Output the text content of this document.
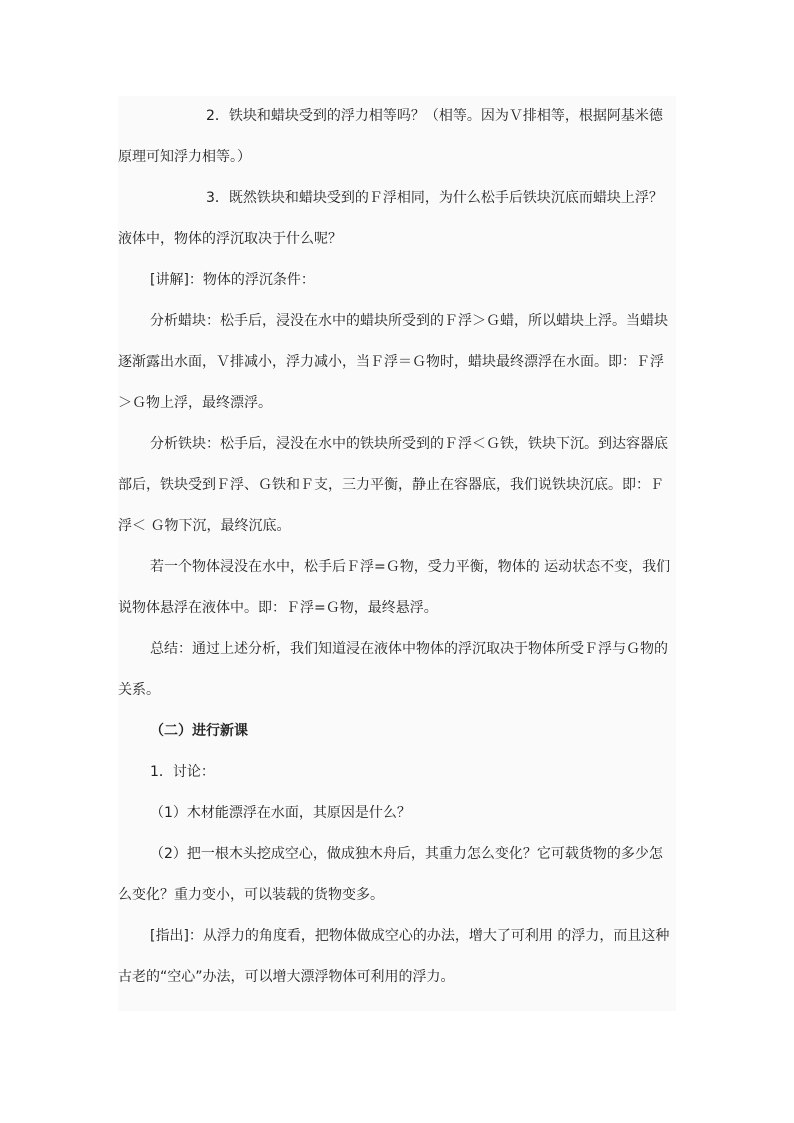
2．铁块和蜡块受到的浮力相等吗？（相等。因为Ｖ排相等，根据阿基米德原理可知浮力相等。）

3．既然铁块和蜡块受到的Ｆ浮相同，为什么松手后铁块沉底而蜡块上浮？液体中，物体的浮沉取决于什么呢？

[讲解]：物体的浮沉条件：

分析蜡块：松手后，浸没在水中的蜡块所受到的Ｆ浮＞Ｇ蜡，所以蜡块上浮。当蜡块逐渐露出水面，Ｖ排减小，浮力减小，当Ｆ浮＝Ｇ物时，蜡块最终漂浮在水面。即：Ｆ浮＞Ｇ物上浮，最终漂浮。

分析铁块：松手后，浸没在水中的铁块所受到的Ｆ浮＜Ｇ铁，铁块下沉。到达容器底部后，铁块受到Ｆ浮、Ｇ铁和Ｆ支，三力平衡，静止在容器底，我们说铁块沉底。即：Ｆ浮＜ Ｇ物下沉，最终沉底。

若一个物体浸没在水中，松手后Ｆ浮=Ｇ物，受力平衡，物体的 运动状态不变，我们说物体悬浮在液体中。即：Ｆ浮=Ｇ物，最终悬浮。

总结：通过上述分析，我们知道浸在液体中物体的浮沉取决于物体所受Ｆ浮与Ｇ物的关系。

（二）进行新课

1．讨论：

（1）木材能漂浮在水面，其原因是什么？

（2）把一根木头挖成空心，做成独木舟后，其重力怎么变化？它可载货物的多少怎么变化？重力变小，可以装载的货物变多。

[指出]：从浮力的角度看，把物体做成空心的办法，增大了可利用 的浮力，而且这种古老的“空心”办法，可以增大漂浮物体可利用的浮力。
